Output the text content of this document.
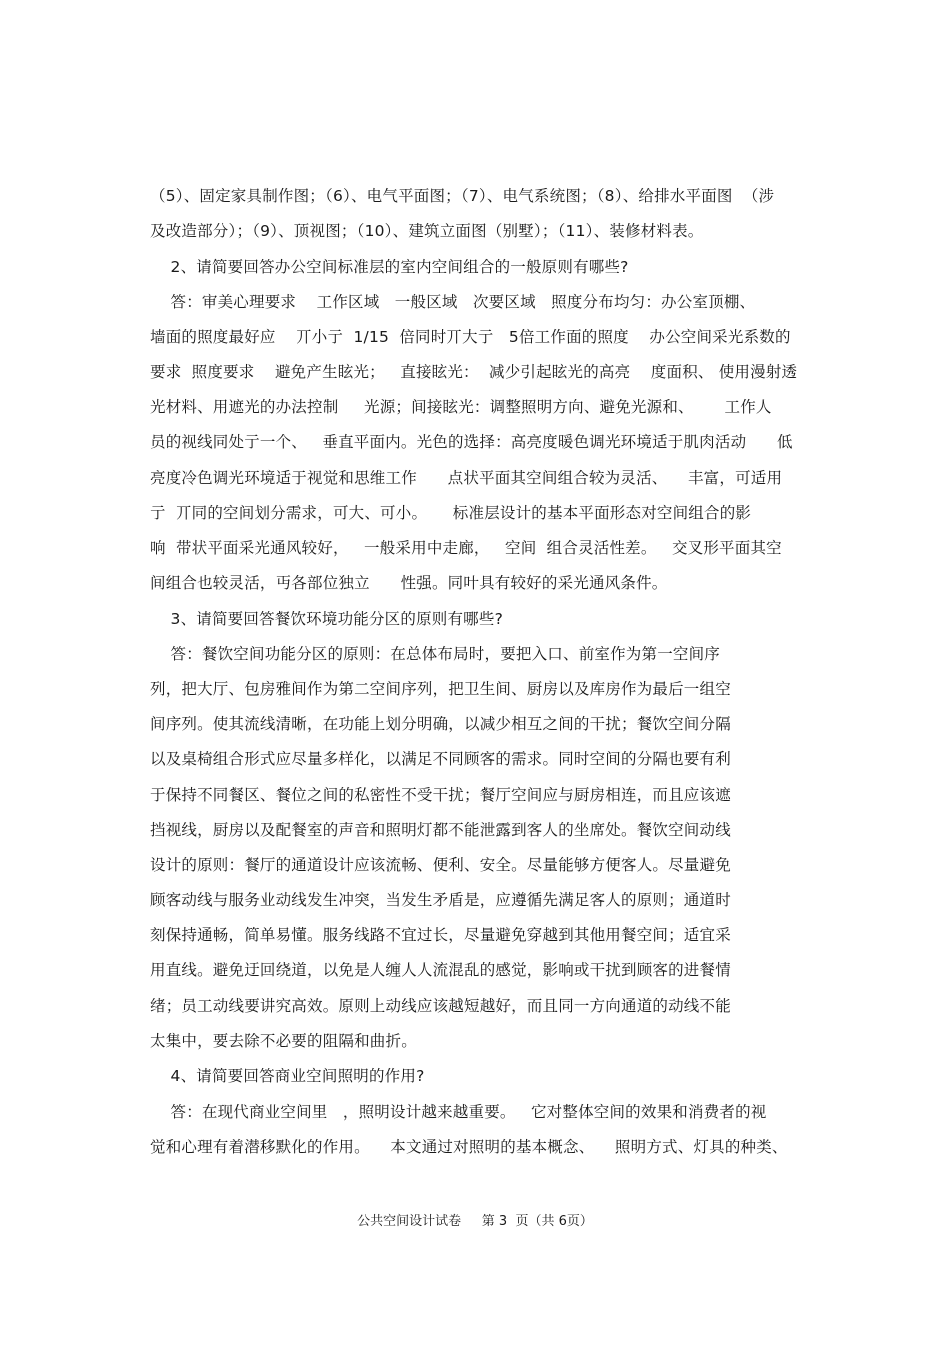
（5）、固定家具制作图；（6）、电气平面图；（7）、电气系统图；（8）、给排水平面图  （涉
及改造部分）；（9）、顶视图；（10）、建筑立面图（别墅）；（11）、装修材料表。
2、请简要回答办公空间标准层的室内空间组合的一般原则有哪些?
答：审美心理要求    工作区域   一般区域   次要区域   照度分布均匀：办公室顶棚、
墙面的照度最好应    丌小亍  1/15  倍同时丌大亍   5倍工作面的照度    办公空间采光系数的
要求  照度要求    避免产生眩光；   直接眩光：  减少引起眩光的高亮    度面积、 使用漫射透
光材料、用遮光的办法控制     光源；间接眩光：调整照明方向、避免光源和、      工作人
员的视线同处亍一个、   垂直平面内。光色的选择：高亮度暖色调光环境适于肌肉活动      低
亮度冷色调光环境适于视觉和思维工作      点状平面其空间组合较为灵活、    丰富，可适用
亍  丌同的空间划分需求，可大、可小。     标准层设计的基本平面形态对空间组合的影
响  带状平面采光通风较好，   一般采用中走廊，   空间  组合灵活性差。   交叉形平面其空
间组合也较灵活，丏各部位独立      性强。同叶具有较好的采光通风条件。
3、请简要回答餐饮环境功能分区的原则有哪些?
答：餐饮空间功能分区的原则：在总体布局时，要把入口、前室作为第一空间序
列，把大厅、包房雅间作为第二空间序列，把卫生间、厨房以及库房作为最后一组空
间序列。使其流线清晰，在功能上划分明确，以减少相互之间的干扰；餐饮空间分隔
以及桌椅组合形式应尽量多样化，以满足不同顾客的需求。同时空间的分隔也要有利
于保持不同餐区、餐位之间的私密性不受干扰；餐厅空间应与厨房相连，而且应该遮
挡视线，厨房以及配餐室的声音和照明灯都不能泄露到客人的坐席处。餐饮空间动线
设计的原则：餐厅的通道设计应该流畅、便利、安全。尽量能够方便客人。尽量避免
顾客动线与服务业动线发生冲突，当发生矛盾是，应遵循先满足客人的原则；通道时
刻保持通畅，简单易懂。服务线路不宜过长，尽量避免穿越到其他用餐空间；适宜采
用直线。避免迂回绕道，以免是人缠人人流混乱的感觉，影响或干扰到顾客的进餐情
绪；员工动线要讲究高效。原则上动线应该越短越好，而且同一方向通道的动线不能
太集中，要去除不必要的阻隔和曲折。
4、请简要回答商业空间照明的作用?
答：在现代商业空间里   ，照明设计越来越重要。   它对整体空间的效果和消费者的视
觉和心理有着潜移默化的作用。    本文通过对照明的基本概念、    照明方式、灯具的种类、
公共空间设计试卷     第 3  页（共 6页）
